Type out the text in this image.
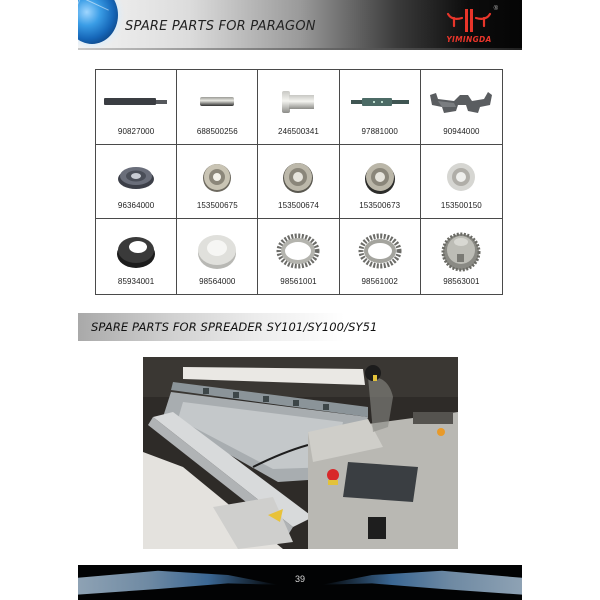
SPARE PARTS FOR PARAGON
®
YIMINGDA
90827000	688500256	246500341	97881000	90944000
96364000	153500675	153500674	153500673	153500150
85934001	98564000	98561001	98561002	98563001
SPARE PARTS FOR SPREADER SY101/SY100/SY51
39
